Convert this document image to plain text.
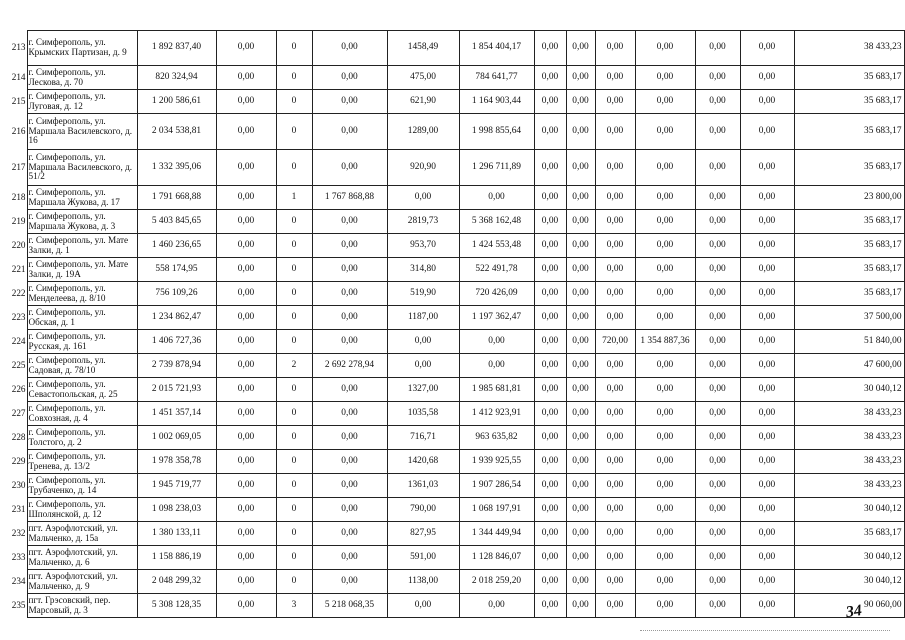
213	г. Симферополь, ул. Крымских Партизан, д. 9	1 892 837,40	0,00	0	0,00	1458,49	1 854 404,17	0,00	0,00	0,00	0,00	0,00	0,00	38 433,23
214	г. Симферополь, ул. Лескова, д. 70	820 324,94	0,00	0	0,00	475,00	784 641,77	0,00	0,00	0,00	0,00	0,00	0,00	35 683,17
215	г. Симферополь, ул. Луговая, д. 12	1 200 586,61	0,00	0	0,00	621,90	1 164 903,44	0,00	0,00	0,00	0,00	0,00	0,00	35 683,17
216	г. Симферополь, ул. Маршала Василевского, д. 16	2 034 538,81	0,00	0	0,00	1289,00	1 998 855,64	0,00	0,00	0,00	0,00	0,00	0,00	35 683,17
217	г. Симферополь, ул. Маршала Василевского, д. 51/2	1 332 395,06	0,00	0	0,00	920,90	1 296 711,89	0,00	0,00	0,00	0,00	0,00	0,00	35 683,17
218	г. Симферополь, ул. Маршала Жукова, д. 17	1 791 668,88	0,00	1	1 767 868,88	0,00	0,00	0,00	0,00	0,00	0,00	0,00	0,00	23 800,00
219	г. Симферополь, ул. Маршала Жукова, д. 3	5 403 845,65	0,00	0	0,00	2819,73	5 368 162,48	0,00	0,00	0,00	0,00	0,00	0,00	35 683,17
220	г. Симферополь, ул. Мате Залки, д. 1	1 460 236,65	0,00	0	0,00	953,70	1 424 553,48	0,00	0,00	0,00	0,00	0,00	0,00	35 683,17
221	г. Симферополь, ул. Мате Залки, д. 19А	558 174,95	0,00	0	0,00	314,80	522 491,78	0,00	0,00	0,00	0,00	0,00	0,00	35 683,17
222	г. Симферополь, ул. Менделеева, д. 8/10	756 109,26	0,00	0	0,00	519,90	720 426,09	0,00	0,00	0,00	0,00	0,00	0,00	35 683,17
223	г. Симферополь, ул. Обская, д. 1	1 234 862,47	0,00	0	0,00	1187,00	1 197 362,47	0,00	0,00	0,00	0,00	0,00	0,00	37 500,00
224	г. Симферополь, ул. Русская, д. 161	1 406 727,36	0,00	0	0,00	0,00	0,00	0,00	0,00	720,00	1 354 887,36	0,00	0,00	51 840,00
225	г. Симферополь, ул. Садовая, д. 78/10	2 739 878,94	0,00	2	2 692 278,94	0,00	0,00	0,00	0,00	0,00	0,00	0,00	0,00	47 600,00
226	г. Симферополь, ул. Севастопольская, д. 25	2 015 721,93	0,00	0	0,00	1327,00	1 985 681,81	0,00	0,00	0,00	0,00	0,00	0,00	30 040,12
227	г. Симферополь, ул. Совхозная, д. 4	1 451 357,14	0,00	0	0,00	1035,58	1 412 923,91	0,00	0,00	0,00	0,00	0,00	0,00	38 433,23
228	г. Симферополь, ул. Толстого, д. 2	1 002 069,05	0,00	0	0,00	716,71	963 635,82	0,00	0,00	0,00	0,00	0,00	0,00	38 433,23
229	г. Симферополь, ул. Тренева, д. 13/2	1 978 358,78	0,00	0	0,00	1420,68	1 939 925,55	0,00	0,00	0,00	0,00	0,00	0,00	38 433,23
230	г. Симферополь, ул. Трубаченко, д. 14	1 945 719,77	0,00	0	0,00	1361,03	1 907 286,54	0,00	0,00	0,00	0,00	0,00	0,00	38 433,23
231	г. Симферополь, ул. Шполянской, д. 12	1 098 238,03	0,00	0	0,00	790,00	1 068 197,91	0,00	0,00	0,00	0,00	0,00	0,00	30 040,12
232	пгт. Аэрофлотский, ул. Мальченко, д. 15а	1 380 133,11	0,00	0	0,00	827,95	1 344 449,94	0,00	0,00	0,00	0,00	0,00	0,00	35 683,17
233	пгт. Аэрофлотский, ул. Мальченко, д. 6	1 158 886,19	0,00	0	0,00	591,00	1 128 846,07	0,00	0,00	0,00	0,00	0,00	0,00	30 040,12
234	пгт. Аэрофлотский, ул. Мальченко, д. 9	2 048 299,32	0,00	0	0,00	1138,00	2 018 259,20	0,00	0,00	0,00	0,00	0,00	0,00	30 040,12
235	пгт. Грэсовский, пер. Марсовый, д. 3	5 308 128,35	0,00	3	5 218 068,35	0,00	0,00	0,00	0,00	0,00	0,00	0,00	0,00	90 060,00
34
